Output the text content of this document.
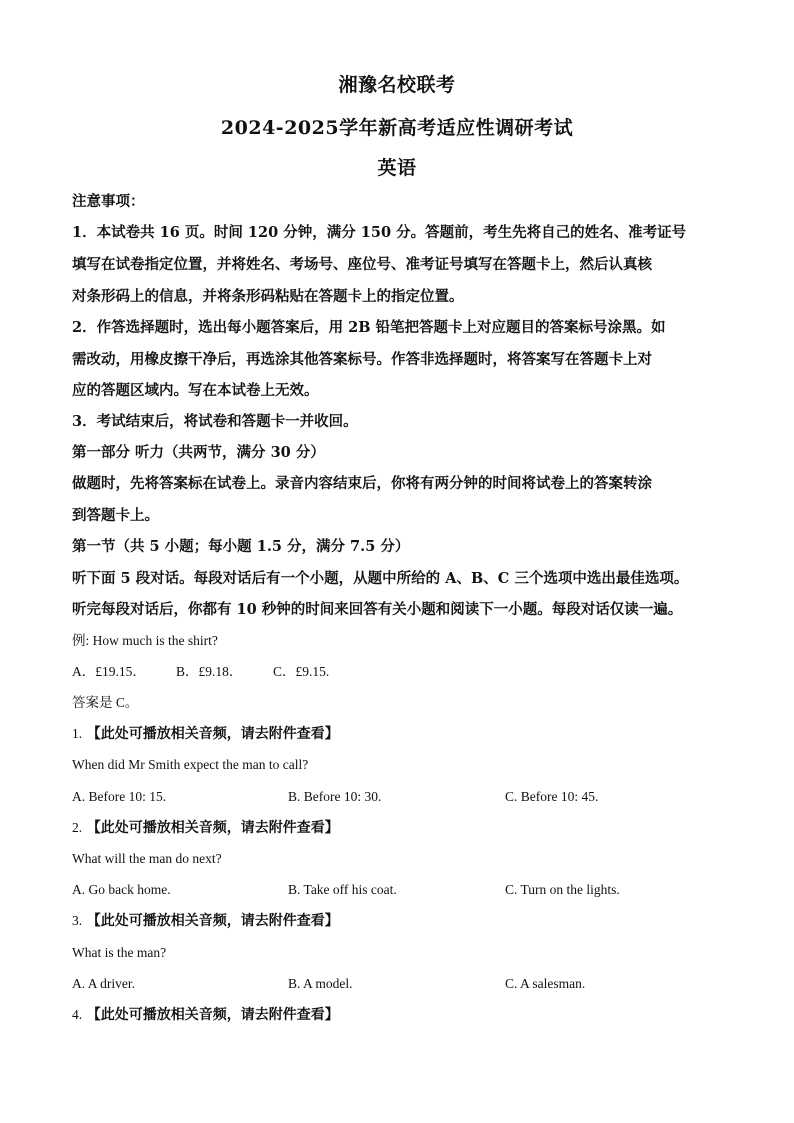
湘豫名校联考
2024-2025学年新高考适应性调研考试
英语
注意事项：
1．本试卷共 16 页。时间 120 分钟，满分 150 分。答题前，考生先将自己的姓名、准考证号
填写在试卷指定位置，并将姓名、考场号、座位号、准考证号填写在答题卡上，然后认真核
对条形码上的信息，并将条形码粘贴在答题卡上的指定位置。
2．作答选择题时，选出每小题答案后，用 2B 铅笔把答题卡上对应题目的答案标号涂黑。如
需改动，用橡皮擦干净后，再选涂其他答案标号。作答非选择题时，将答案写在答题卡上对
应的答题区域内。写在本试卷上无效。
3．考试结束后，将试卷和答题卡一并收回。
第一部分 听力（共两节，满分 30 分）
做题时，先将答案标在试卷上。录音内容结束后，你将有两分钟的时间将试卷上的答案转涂
到答题卡上。
第一节（共 5 小题；每小题 1.5 分，满分 7.5 分）
听下面 5 段对话。每段对话后有一个小题，从题中所给的 A、B、C 三个选项中选出最佳选项。
听完每段对话后，你都有 10 秒钟的时间来回答有关小题和阅读下一小题。每段对话仅读一遍。
例: How much is the shirt?
A．£19.15． B．£9.18． C．£9.15.
答案是 C。
1. 【此处可播放相关音频，请去附件查看】
When did Mr Smith expect the man to call?
A. Before 10: 15.	B. Before 10: 30.	C. Before 10: 45.
2. 【此处可播放相关音频，请去附件查看】
What will the man do next?
A. Go back home.	B. Take off his coat.	C. Turn on the lights.
3. 【此处可播放相关音频，请去附件查看】
What is the man?
A. A driver.	B. A model.	C. A salesman.
4. 【此处可播放相关音频，请去附件查看】
